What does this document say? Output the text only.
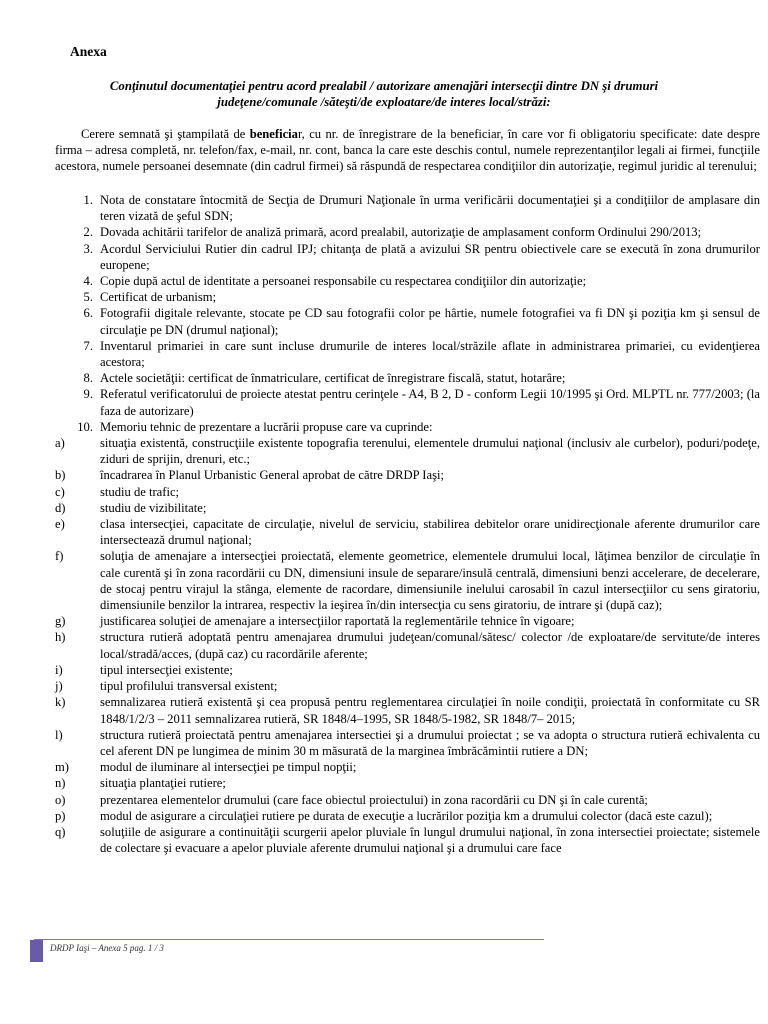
Anexa
Conţinutul documentaţiei pentru acord prealabil / autorizare amenajări intersecţii dintre DN şi drumuri
judeţene/comunale /săteşti/de exploatare/de interes local/străzi:
Cerere semnată şi ştampilată de beneficiar, cu nr. de înregistrare de la beneficiar, în care vor fi obligatoriu specificate: date despre firma – adresa completă, nr. telefon/fax, e-mail, nr. cont, banca la care este deschis contul, numele reprezentanţilor legali ai firmei, funcţiile acestora, numele persoanei desemnate (din cadrul firmei) să răspundă de respectarea condiţiilor din autorizaţie, regimul juridic al terenului;
1. Nota de constatare întocmită de Secţia de Drumuri Naţionale în urma verificării documentaţiei şi a condiţiilor de amplasare din teren vizată de şeful SDN;
2. Dovada achitării tarifelor de analiză primară, acord prealabil, autorizaţie de amplasament conform Ordinului 290/2013;
3. Acordul Serviciului Rutier din cadrul IPJ; chitanţa de plată a avizului SR pentru obiectivele care se execută în zona drumurilor europene;
4. Copie după actul de identitate a persoanei responsabile cu respectarea condiţiilor din autorizaţie;
5. Certificat de urbanism;
6. Fotografii digitale relevante, stocate pe CD sau fotografii color pe hârtie, numele fotografiei va fi DN şi poziţia km şi sensul de circulaţie pe DN (drumul naţional);
7. Inventarul primariei in care sunt incluse drumurile de interes local/străzile aflate in administrarea primariei, cu evidenţierea acestora;
8. Actele societăţii: certificat de înmatriculare, certificat de înregistrare fiscală, statut, hotarâre;
9. Referatul verificatorului de proiecte atestat pentru cerinţele - A4, B 2, D - conform Legii 10/1995 şi Ord. MLPTL nr. 777/2003; (la faza de autorizare)
10. Memoriu tehnic de prezentare a lucrării propuse care va cuprinde:
a)	situaţia existentă, construcţiile existente topografia terenului, elementele drumului naţional (inclusiv ale curbelor), poduri/podeţe, ziduri de sprijin, drenuri, etc.;
b)	încadrarea în Planul Urbanistic General aprobat de către DRDP Iaşi;
c)	studiu de trafic;
d)	studiu de vizibilitate;
e)	clasa intersecţiei, capacitate de circulaţie, nivelul de serviciu, stabilirea debitelor orare unidirecţionale aferente drumurilor care intersectează drumul naţional;
f)	soluţia de amenajare a intersecţiei proiectată, elemente geometrice, elementele drumului local, lăţimea benzilor de circulaţie în cale curentă şi în zona racordării cu DN, dimensiuni insule de separare/insulă centrală, dimensiuni benzi accelerare, de decelerare, de stocaj pentru virajul la stânga, elemente de racordare, dimensiunile inelului carosabil în cazul intersecţiilor cu sens giratoriu, dimensiunile benzilor la intrarea, respectiv la ieşirea în/din intersecţia cu sens giratoriu, de intrare şi (după caz);
g)	justificarea soluţiei de amenajare a intersecţiilor raportată la reglementările tehnice în vigoare;
h)	structura rutieră adoptată pentru amenajarea drumului judeţean/comunal/sătesc/ colector /de exploatare/de servitute/de interes local/stradă/acces, (după caz) cu racordările aferente;
i)	tipul intersecţiei existente;
j)	tipul profilului transversal existent;
k)	semnalizarea rutieră existentă şi cea propusă pentru reglementarea circulaţiei în noile condiţii, proiectată în conformitate cu SR 1848/1/2/3 – 2011 semnalizarea rutieră, SR 1848/4–1995, SR 1848/5-1982, SR 1848/7– 2015;
l)	structura rutieră proiectată pentru amenajarea intersectiei şi a drumului proiectat ; se va adopta o structura rutieră echivalenta cu cel aferent DN pe lungimea de minim 30 m măsurată de la marginea îmbrăcămintii rutiere a DN;
m)	modul de iluminare al intersecţiei pe timpul nopţii;
n)	situaţia plantaţiei rutiere;
o)	prezentarea elementelor drumului (care face obiectul proiectului) in zona racordării cu DN şi în cale curentă;
p)	modul de asigurare a circulaţiei rutiere pe durata de execuţie a lucrărilor poziţia km a drumului colector (dacă este cazul);
q)	soluţiile de asigurare a continuităţii scurgerii apelor pluviale în lungul drumului naţional, în zona intersectiei proiectate; sistemele de colectare şi evacuare a apelor pluviale aferente drumului naţional şi a drumului care face
DRDP Iaşi – Anexa 5 pag. 1 / 3
